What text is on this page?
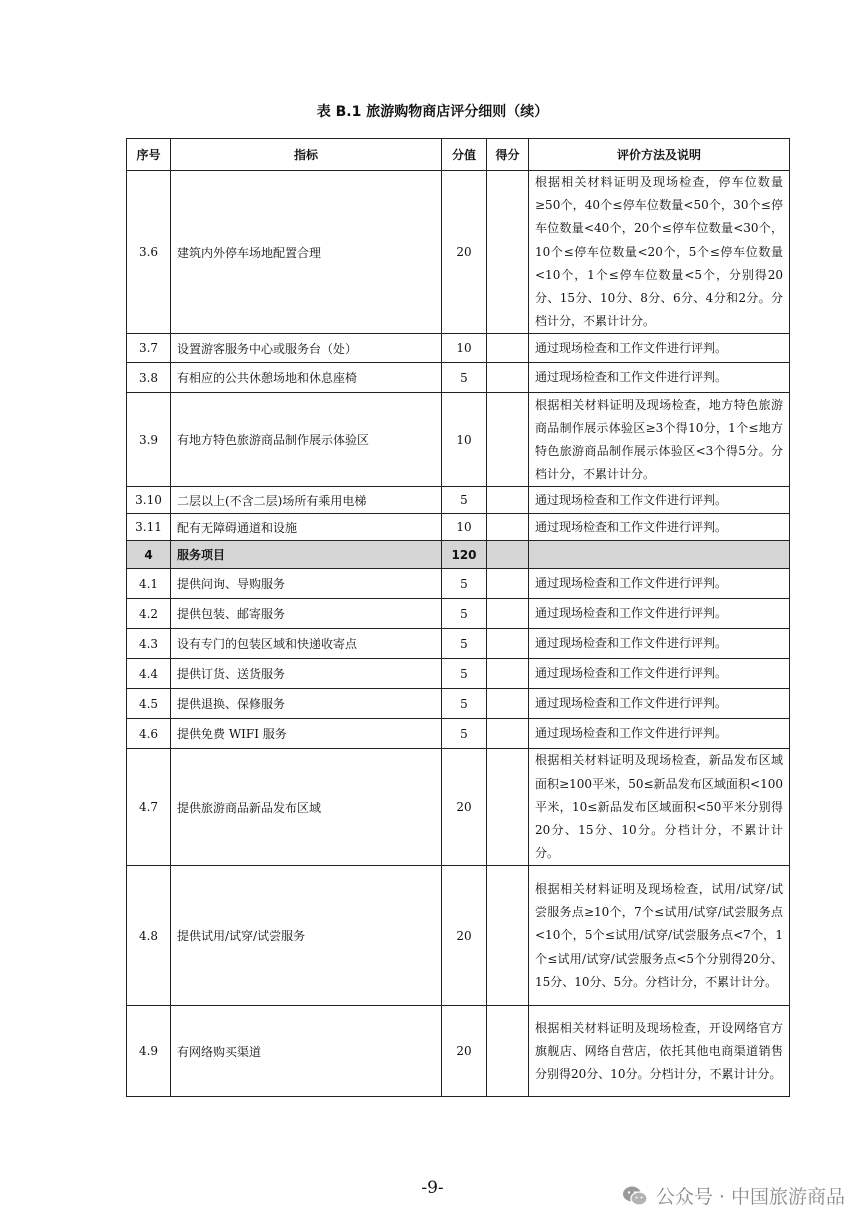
表 B.1 旅游购物商店评分细则（续）
序号	指标	分值	得分	评价方法及说明
3.6	建筑内外停车场地配置合理	20		根据相关材料证明及现场检查，停车位数量≥50个，40个≤停车位数量<50个，30个≤停车位数量<40个，20个≤停车位数量<30个，10个≤停车位数量<20个，5个≤停车位数量<10个，1个≤停车位数量<5个，分别得20分、15分、10分、8分、6分、4分和2分。分档计分，不累计计分。
3.7	设置游客服务中心或服务台（处）	10		通过现场检查和工作文件进行评判。
3.8	有相应的公共休憩场地和休息座椅	5		通过现场检查和工作文件进行评判。
3.9	有地方特色旅游商品制作展示体验区	10		根据相关材料证明及现场检查，地方特色旅游商品制作展示体验区≥3个得10分，1个≤地方特色旅游商品制作展示体验区<3个得5分。分档计分，不累计计分。
3.10	二层以上(不含二层)场所有乘用电梯	5		通过现场检查和工作文件进行评判。
3.11	配有无障碍通道和设施	10		通过现场检查和工作文件进行评判。
4	服务项目	120		
4.1	提供问询、导购服务	5		通过现场检查和工作文件进行评判。
4.2	提供包装、邮寄服务	5		通过现场检查和工作文件进行评判。
4.3	设有专门的包装区域和快递收寄点	5		通过现场检查和工作文件进行评判。
4.4	提供订货、送货服务	5		通过现场检查和工作文件进行评判。
4.5	提供退换、保修服务	5		通过现场检查和工作文件进行评判。
4.6	提供免费 WIFI 服务	5		通过现场检查和工作文件进行评判。
4.7	提供旅游商品新品发布区域	20		根据相关材料证明及现场检查，新品发布区域面积≥100平米，50≤新品发布区域面积<100平米，10≤新品发布区域面积<50平米分别得20分、15分、10分。分档计分，不累计计分。
4.8	提供试用/试穿/试尝服务	20		根据相关材料证明及现场检查，试用/试穿/试尝服务点≥10个，7个≤试用/试穿/试尝服务点<10个，5个≤试用/试穿/试尝服务点<7个，1个≤试用/试穿/试尝服务点<5个分别得20分、15分、10分、5分。分档计分，不累计计分。
4.9	有网络购买渠道	20		根据相关材料证明及现场检查，开设网络官方旗舰店、网络自营店，依托其他电商渠道销售分别得20分、10分。分档计分，不累计计分。
-9-	公众号 · 中国旅游商品
